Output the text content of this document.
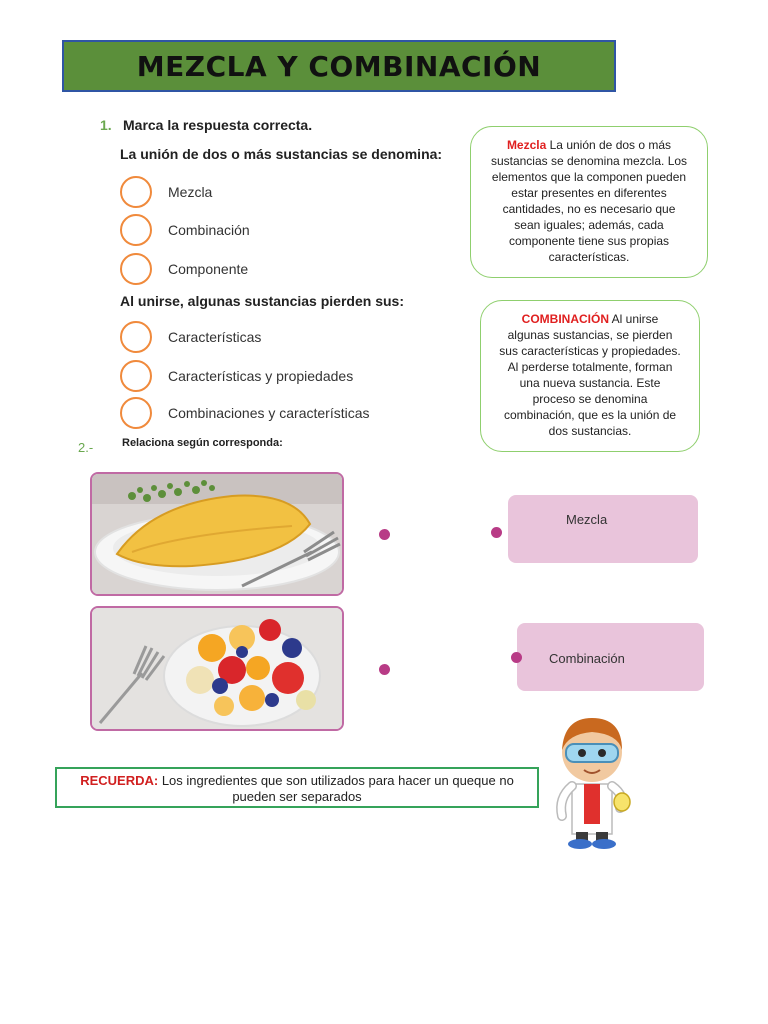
MEZCLA Y COMBINACIÓN
1. Marca la respuesta correcta.
La unión de dos o más sustancias se denomina:
Mezcla
Combinación
Componente
Al unirse, algunas sustancias pierden sus:
Características
Características y propiedades
Combinaciones y características
Mezcla La unión de dos o más sustancias se denomina mezcla. Los elementos que la componen pueden estar presentes en diferentes cantidades, no es necesario que sean iguales; además, cada componente tiene sus propias características.
COMBINACIÓN Al unirse algunas sustancias, se pierden sus características y propiedades. Al perderse totalmente, forman una nueva sustancia. Este proceso se denomina combinación, que es la unión de dos sustancias.
2.-	Relaciona según corresponda:
Mezcla
Combinación
RECUERDA: Los ingredientes que son utilizados para hacer un queque no pueden ser separados
